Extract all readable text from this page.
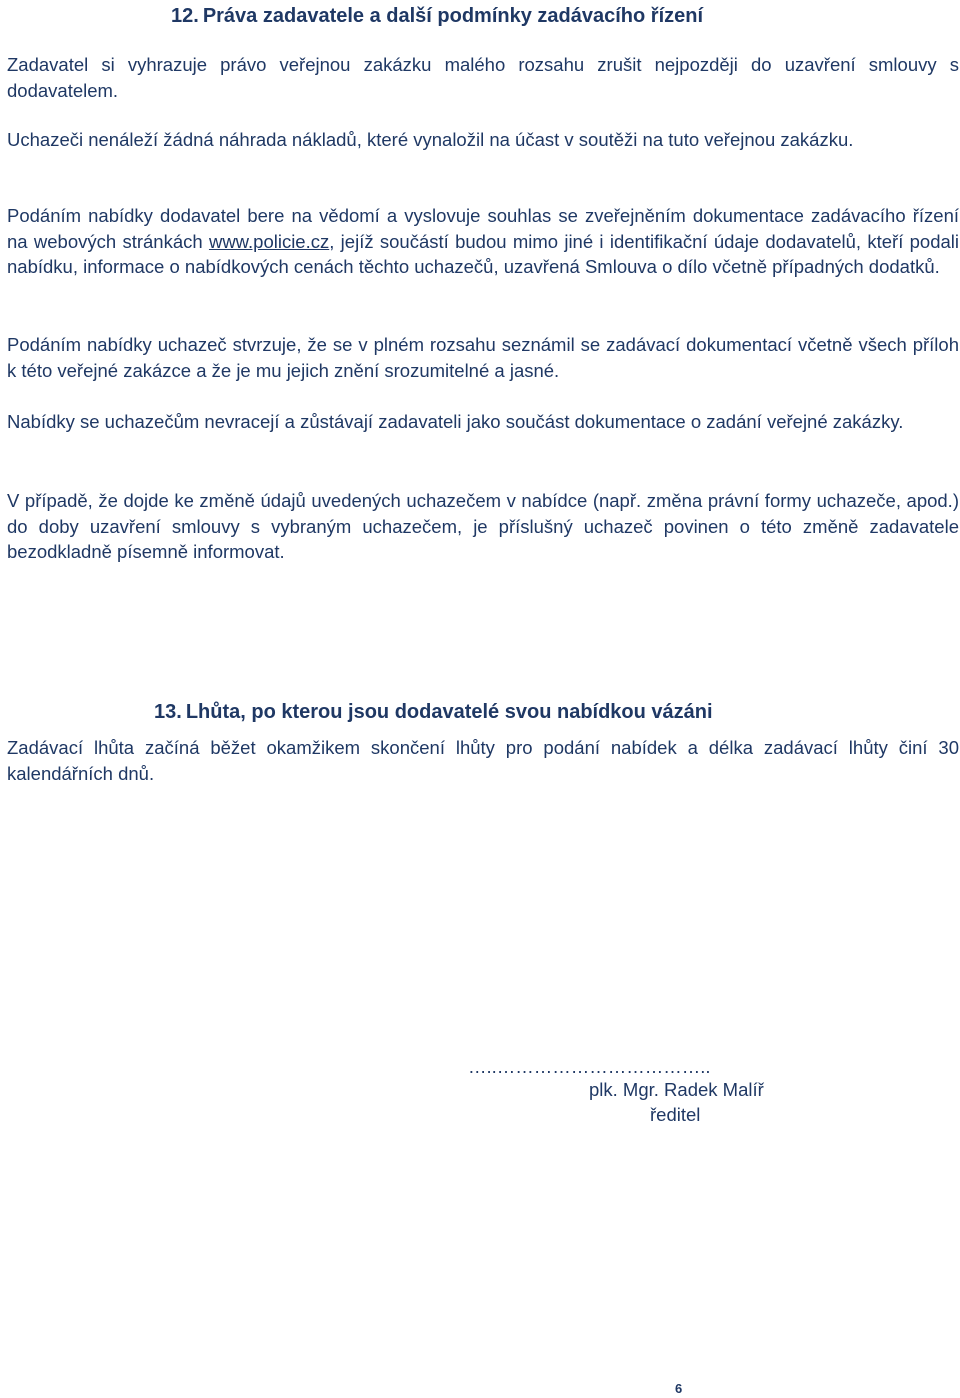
12. Práva zadavatele a další podmínky zadávacího řízení

Zadavatel si vyhrazuje právo veřejnou zakázku malého rozsahu zrušit nejpozději do uzavření smlouvy s dodavatelem.

Uchazeči nenáleží žádná náhrada nákladů, které vynaložil na účast v soutěži na tuto veřejnou zakázku.

Podáním nabídky dodavatel bere na vědomí a vyslovuje souhlas se zveřejněním dokumentace zadávacího řízení na webových stránkách www.policie.cz, jejíž součástí budou mimo jiné i identifikační údaje dodavatelů, kteří podali nabídku, informace o nabídkových cenách těchto uchazečů, uzavřená Smlouva o dílo včetně případných dodatků.

Podáním nabídky uchazeč stvrzuje, že se v plném rozsahu seznámil se zadávací dokumentací včetně všech příloh k této veřejné zakázce a že je mu jejich znění srozumitelné a jasné.

Nabídky se uchazečům nevracejí a zůstávají zadavateli jako součást dokumentace o zadání veřejné zakázky.

V případě, že dojde ke změně údajů uvedených uchazečem v nabídce (např. změna právní formy uchazeče, apod.) do doby uzavření smlouvy s vybraným uchazečem, je příslušný uchazeč povinen o této změně zadavatele bezodkladně písemně informovat.

13. Lhůta, po kterou jsou dodavatelé svou nabídkou vázáni

Zadávací lhůta začíná běžet okamžikem skončení lhůty pro podání nabídek a délka zadávací lhůty činí 30 kalendářních dnů.

…..……………………………..
plk. Mgr. Radek Malíř
ředitel
6
